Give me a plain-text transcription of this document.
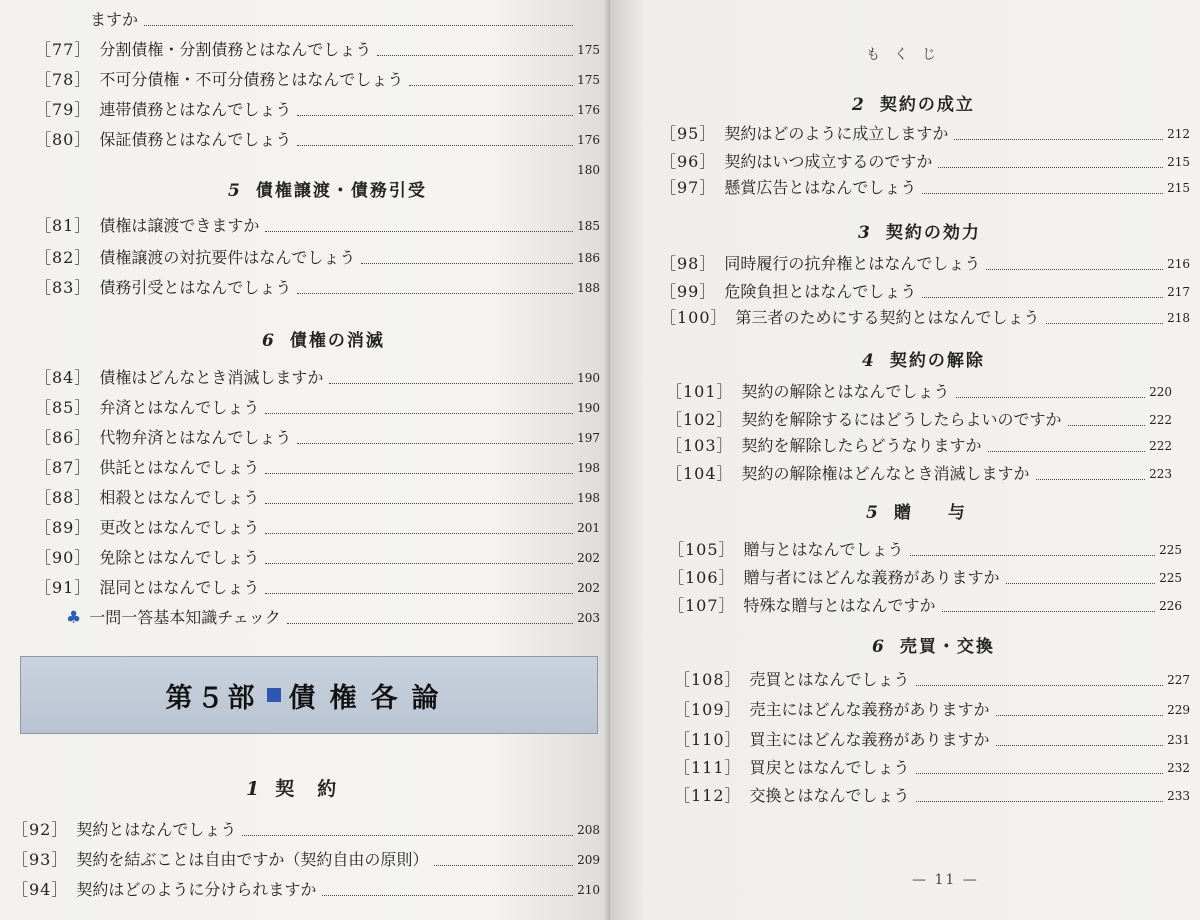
ますか
［77］ 分割債権・分割債務とはなんでしょう	175
［78］ 不可分債権・不可分債務とはなんでしょう	175
［79］ 連帯債務とはなんでしょう	176
［80］ 保証債務とはなんでしょう	176
180
5 債権譲渡・債務引受
［81］ 債権は譲渡できますか	185
［82］ 債権譲渡の対抗要件はなんでしょう	186
［83］ 債務引受とはなんでしょう	188
6 債権の消滅
［84］ 債権はどんなとき消滅しますか	190
［85］ 弁済とはなんでしょう	190
［86］ 代物弁済とはなんでしょう	197
［87］ 供託とはなんでしょう	198
［88］ 相殺とはなんでしょう	198
［89］ 更改とはなんでしょう	201
［90］ 免除とはなんでしょう	202
［91］ 混同とはなんでしょう	202
♣ 一問一答基本知識チェック	203
第５部 債権各論
1 契　約
［92］ 契約とはなんでしょう	208
［93］ 契約を結ぶことは自由ですか（契約自由の原則）	209
［94］ 契約はどのように分けられますか	210
もくじ
2 契約の成立
［95］ 契約はどのように成立しますか	212
［96］ 契約はいつ成立するのですか	215
［97］ 懸賞広告とはなんでしょう	215
3 契約の効力
［98］ 同時履行の抗弁権とはなんでしょう	216
［99］ 危険負担とはなんでしょう	217
［100］ 第三者のためにする契約とはなんでしょう	218
4 契約の解除
［101］ 契約の解除とはなんでしょう	220
［102］ 契約を解除するにはどうしたらよいのですか	222
［103］ 契約を解除したらどうなりますか	222
［104］ 契約の解除権はどんなとき消滅しますか	223
5 贈　与
［105］ 贈与とはなんでしょう	225
［106］ 贈与者にはどんな義務がありますか	225
［107］ 特殊な贈与とはなんですか	226
6 売買・交換
［108］ 売買とはなんでしょう	227
［109］ 売主にはどんな義務がありますか	229
［110］ 買主にはどんな義務がありますか	231
［111］ 買戻とはなんでしょう	232
［112］ 交換とはなんでしょう	233
— 11 —
